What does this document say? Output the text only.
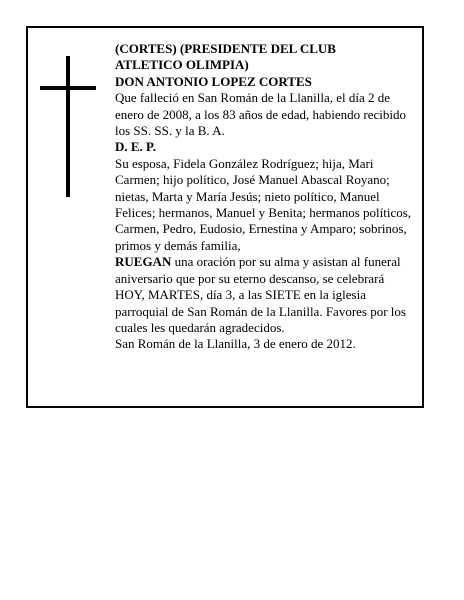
(CORTES) (PRESIDENTE DEL CLUB

ATLETICO OLIMPIA)

DON ANTONIO LOPEZ CORTES

Que falleció en San Román de la Llanilla, el día 2 de enero de 2008, a los 83 años de edad, habiendo recibido los SS. SS. y la B. A.

D. E. P.

Su esposa, Fidela González Rodríguez; hija, Mari Carmen; hijo político, José Manuel Abascal Royano; nietas, Marta y María Jesús; nieto político, Manuel Felices; hermanos, Manuel y Benita; hermanos políticos, Carmen, Pedro, Eudosio, Ernestina y Amparo; sobrinos, primos y demás familia,

RUEGAN una oración por su alma y asistan al funeral aniversario que por su eterno descanso, se celebrará HOY, MARTES, día 3, a las SIETE en la iglesia parroquial de San Román de la Llanilla. Favores por los cuales les quedarán agradecidos.

San Román de la Llanilla, 3 de enero de 2012.
